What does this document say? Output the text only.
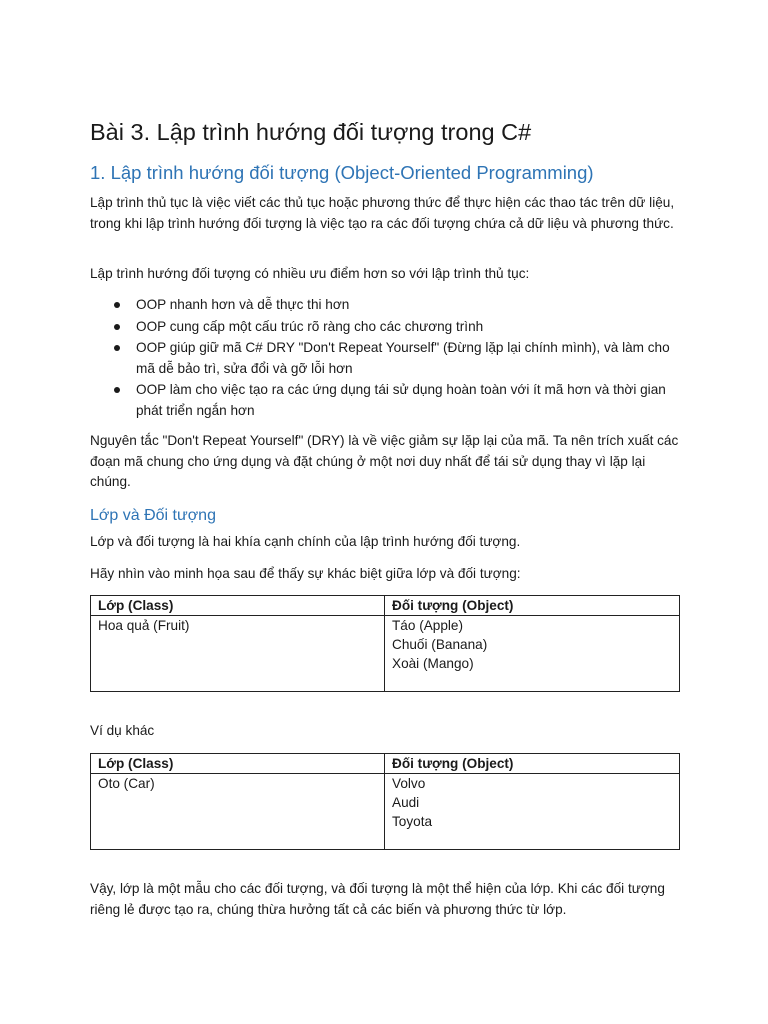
Bài 3. Lập trình hướng đối tượng trong C#
1. Lập trình hướng đối tượng (Object-Oriented Programming)
Lập trình thủ tục là việc viết các thủ tục hoặc phương thức để thực hiện các thao tác trên dữ liệu, trong khi lập trình hướng đối tượng là việc tạo ra các đối tượng chứa cả dữ liệu và phương thức.
Lập trình hướng đối tượng có nhiều ưu điểm hơn so với lập trình thủ tục:
OOP nhanh hơn và dễ thực thi hơn
OOP cung cấp một cấu trúc rõ ràng cho các chương trình
OOP giúp giữ mã C# DRY "Don't Repeat Yourself" (Đừng lặp lại chính mình), và làm cho mã dễ bảo trì, sửa đổi và gỡ lỗi hơn
OOP làm cho việc tạo ra các ứng dụng tái sử dụng hoàn toàn với ít mã hơn và thời gian phát triển ngắn hơn
Nguyên tắc "Don't Repeat Yourself" (DRY) là về việc giảm sự lặp lại của mã. Ta nên trích xuất các đoạn mã chung cho ứng dụng và đặt chúng ở một nơi duy nhất để tái sử dụng thay vì lặp lại chúng.
Lớp và Đối tượng
Lớp và đối tượng là hai khía cạnh chính của lập trình hướng đối tượng.
Hãy nhìn vào minh họa sau để thấy sự khác biệt giữa lớp và đối tượng:
Lớp (Class)	Đối tượng (Object)
Hoa quả (Fruit)	Táo (Apple)
Chuối (Banana)
Xoài (Mango)
Ví dụ khác
Lớp (Class)	Đối tượng (Object)
Oto (Car)	Volvo
Audi
Toyota
Vậy, lớp là một mẫu cho các đối tượng, và đối tượng là một thể hiện của lớp. Khi các đối tượng riêng lẻ được tạo ra, chúng thừa hưởng tất cả các biến và phương thức từ lớp.
